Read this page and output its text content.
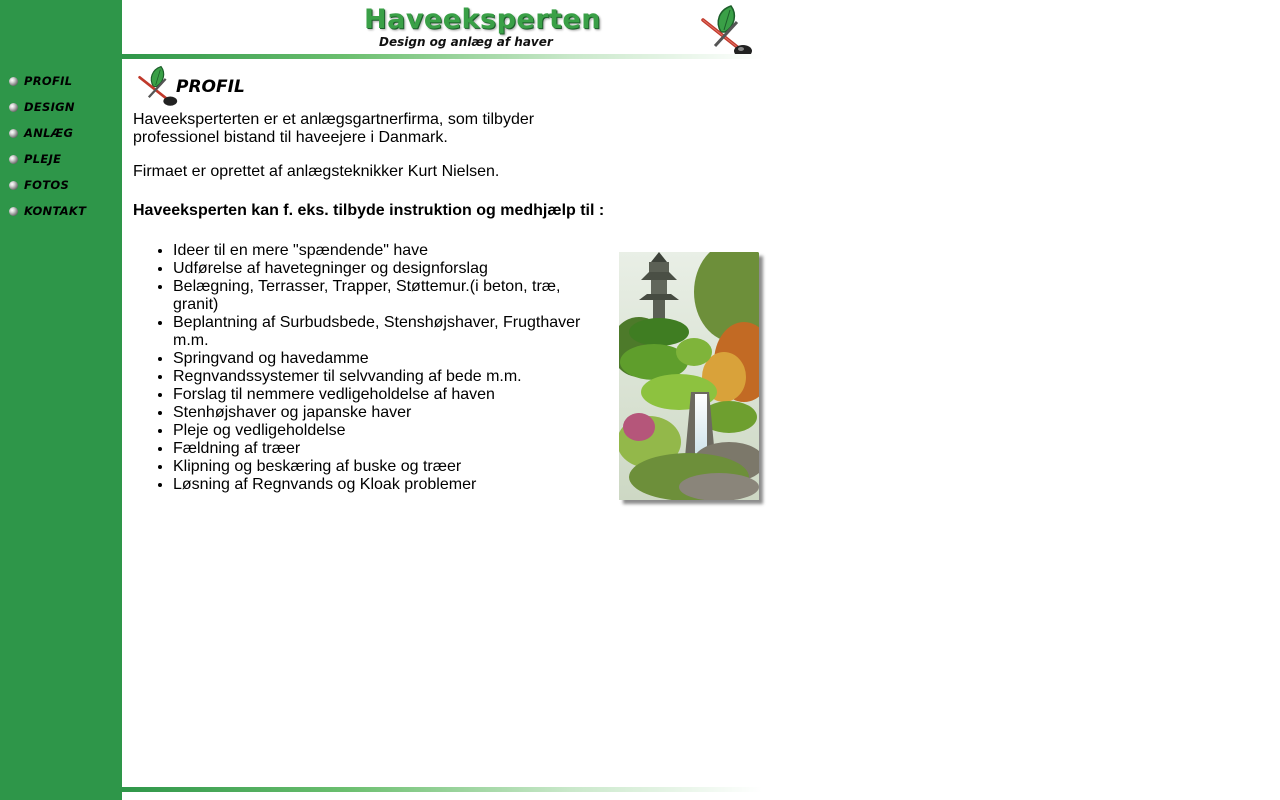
PROFIL
DESIGN
ANLÆG
PLEJE
FOTOS
KONTAKT
Haveeksperten
Design og anlæg af haver
PROFIL

Haveeksperterten er et anlægsgartnerfirma, som tilbyder professionel bistand til haveejere i Danmark.

Firmaet er oprettet af anlægsteknikker Kurt Nielsen.

Haveeksperten kan f. eks. tilbyde instruktion og medhjælp til :

• Ideer til en mere "spændende" have
• Udførelse af havetegninger og designforslag
• Belægning, Terrasser, Trapper, Støttemur.(i beton, træ, granit)
• Beplantning af Surbudsbede, Stenshøjshaver, Frugthaver m.m.
• Springvand og havedamme
• Regnvandssystemer til selvvanding af bede m.m.
• Forslag til nemmere vedligeholdelse af haven
• Stenhøjshaver og japanske haver
• Pleje og vedligeholdelse
• Fældning af træer
• Klipning og beskæring af buske og træer
• Løsning af Regnvands og Kloak problemer
